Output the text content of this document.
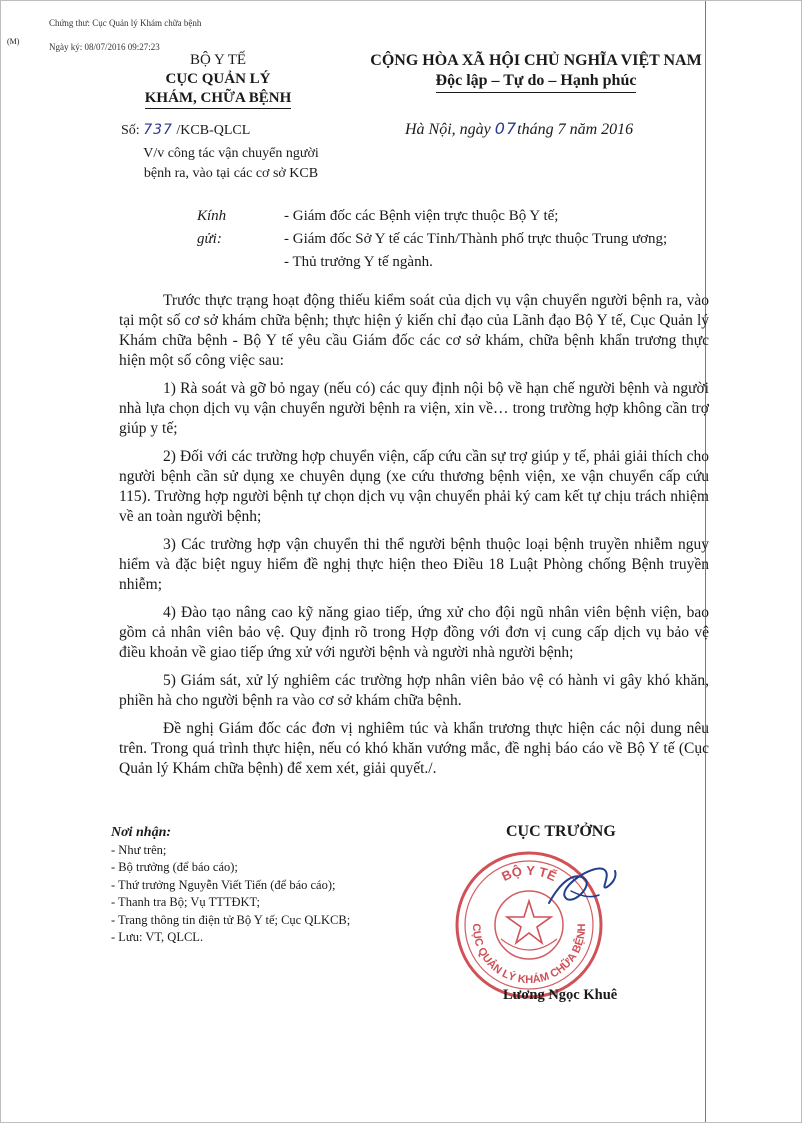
Chứng thư: Cục Quản lý Khám chữa bệnh
Ngày ký: 08/07/2016 09:27:23
(M)
BỘ Y TẾ
CỤC QUẢN LÝ
KHÁM, CHỮA BỆNH
Số: 737 /KCB-QLCL
V/v công tác vận chuyển người
bệnh ra, vào tại các cơ sở KCB
CỘNG HÒA XÃ HỘI CHỦ NGHĨA VIỆT NAM
Độc lập – Tự do – Hạnh phúc
Hà Nội, ngày 07tháng 7 năm 2016
Kính gửi:
- Giám đốc các Bệnh viện trực thuộc Bộ Y tế;
- Giám đốc Sở Y tế các Tỉnh/Thành phố trực thuộc Trung ương;
- Thủ trưởng Y tế ngành.

Trước thực trạng hoạt động thiếu kiểm soát của dịch vụ vận chuyển người bệnh ra, vào tại một số cơ sở khám chữa bệnh; thực hiện ý kiến chỉ đạo của Lãnh đạo Bộ Y tế, Cục Quản lý Khám chữa bệnh - Bộ Y tế yêu cầu Giám đốc các cơ sở khám, chữa bệnh khẩn trương thực hiện một số công việc sau:

1) Rà soát và gỡ bỏ ngay (nếu có) các quy định nội bộ về hạn chế người bệnh và người nhà lựa chọn dịch vụ vận chuyển người bệnh ra viện, xin về… trong trường hợp không cần trợ giúp y tế;

2) Đối với các trường hợp chuyển viện, cấp cứu cần sự trợ giúp y tế, phải giải thích cho người bệnh cần sử dụng xe chuyên dụng (xe cứu thương bệnh viện, xe vận chuyển cấp cứu 115). Trường hợp người bệnh tự chọn dịch vụ vận chuyển phải ký cam kết tự chịu trách nhiệm về an toàn người bệnh;

3) Các trường hợp vận chuyển thi thể người bệnh thuộc loại bệnh truyền nhiễm nguy hiểm và đặc biệt nguy hiểm đề nghị thực hiện theo Điều 18 Luật Phòng chống Bệnh truyền nhiễm;

4) Đào tạo nâng cao kỹ năng giao tiếp, ứng xử cho đội ngũ nhân viên bệnh viện, bao gồm cả nhân viên bảo vệ. Quy định rõ trong Hợp đồng với đơn vị cung cấp dịch vụ bảo vệ điều khoản về giao tiếp ứng xử với người bệnh và người nhà người bệnh;

5) Giám sát, xử lý nghiêm các trường hợp nhân viên bảo vệ có hành vi gây khó khăn, phiền hà cho người bệnh ra vào cơ sở khám chữa bệnh.

Đề nghị Giám đốc các đơn vị nghiêm túc và khẩn trương thực hiện các nội dung nêu trên. Trong quá trình thực hiện, nếu có khó khăn vướng mắc, đề nghị báo cáo về Bộ Y tế (Cục Quản lý Khám chữa bệnh) để xem xét, giải quyết./.

Nơi nhận:
- Như trên;
- Bộ trưởng (để báo cáo);
- Thứ trưởng Nguyễn Viết Tiến (để báo cáo);
- Thanh tra Bộ; Vụ TTTĐKT;
- Trang thông tin điện tử Bộ Y tế; Cục QLKCB;
- Lưu: VT, QLCL.
CỤC TRƯỞNG
BỘ Y TẾ
CỤC QUẢN LÝ KHÁM CHỮA BỆNH
Lương Ngọc Khuê
